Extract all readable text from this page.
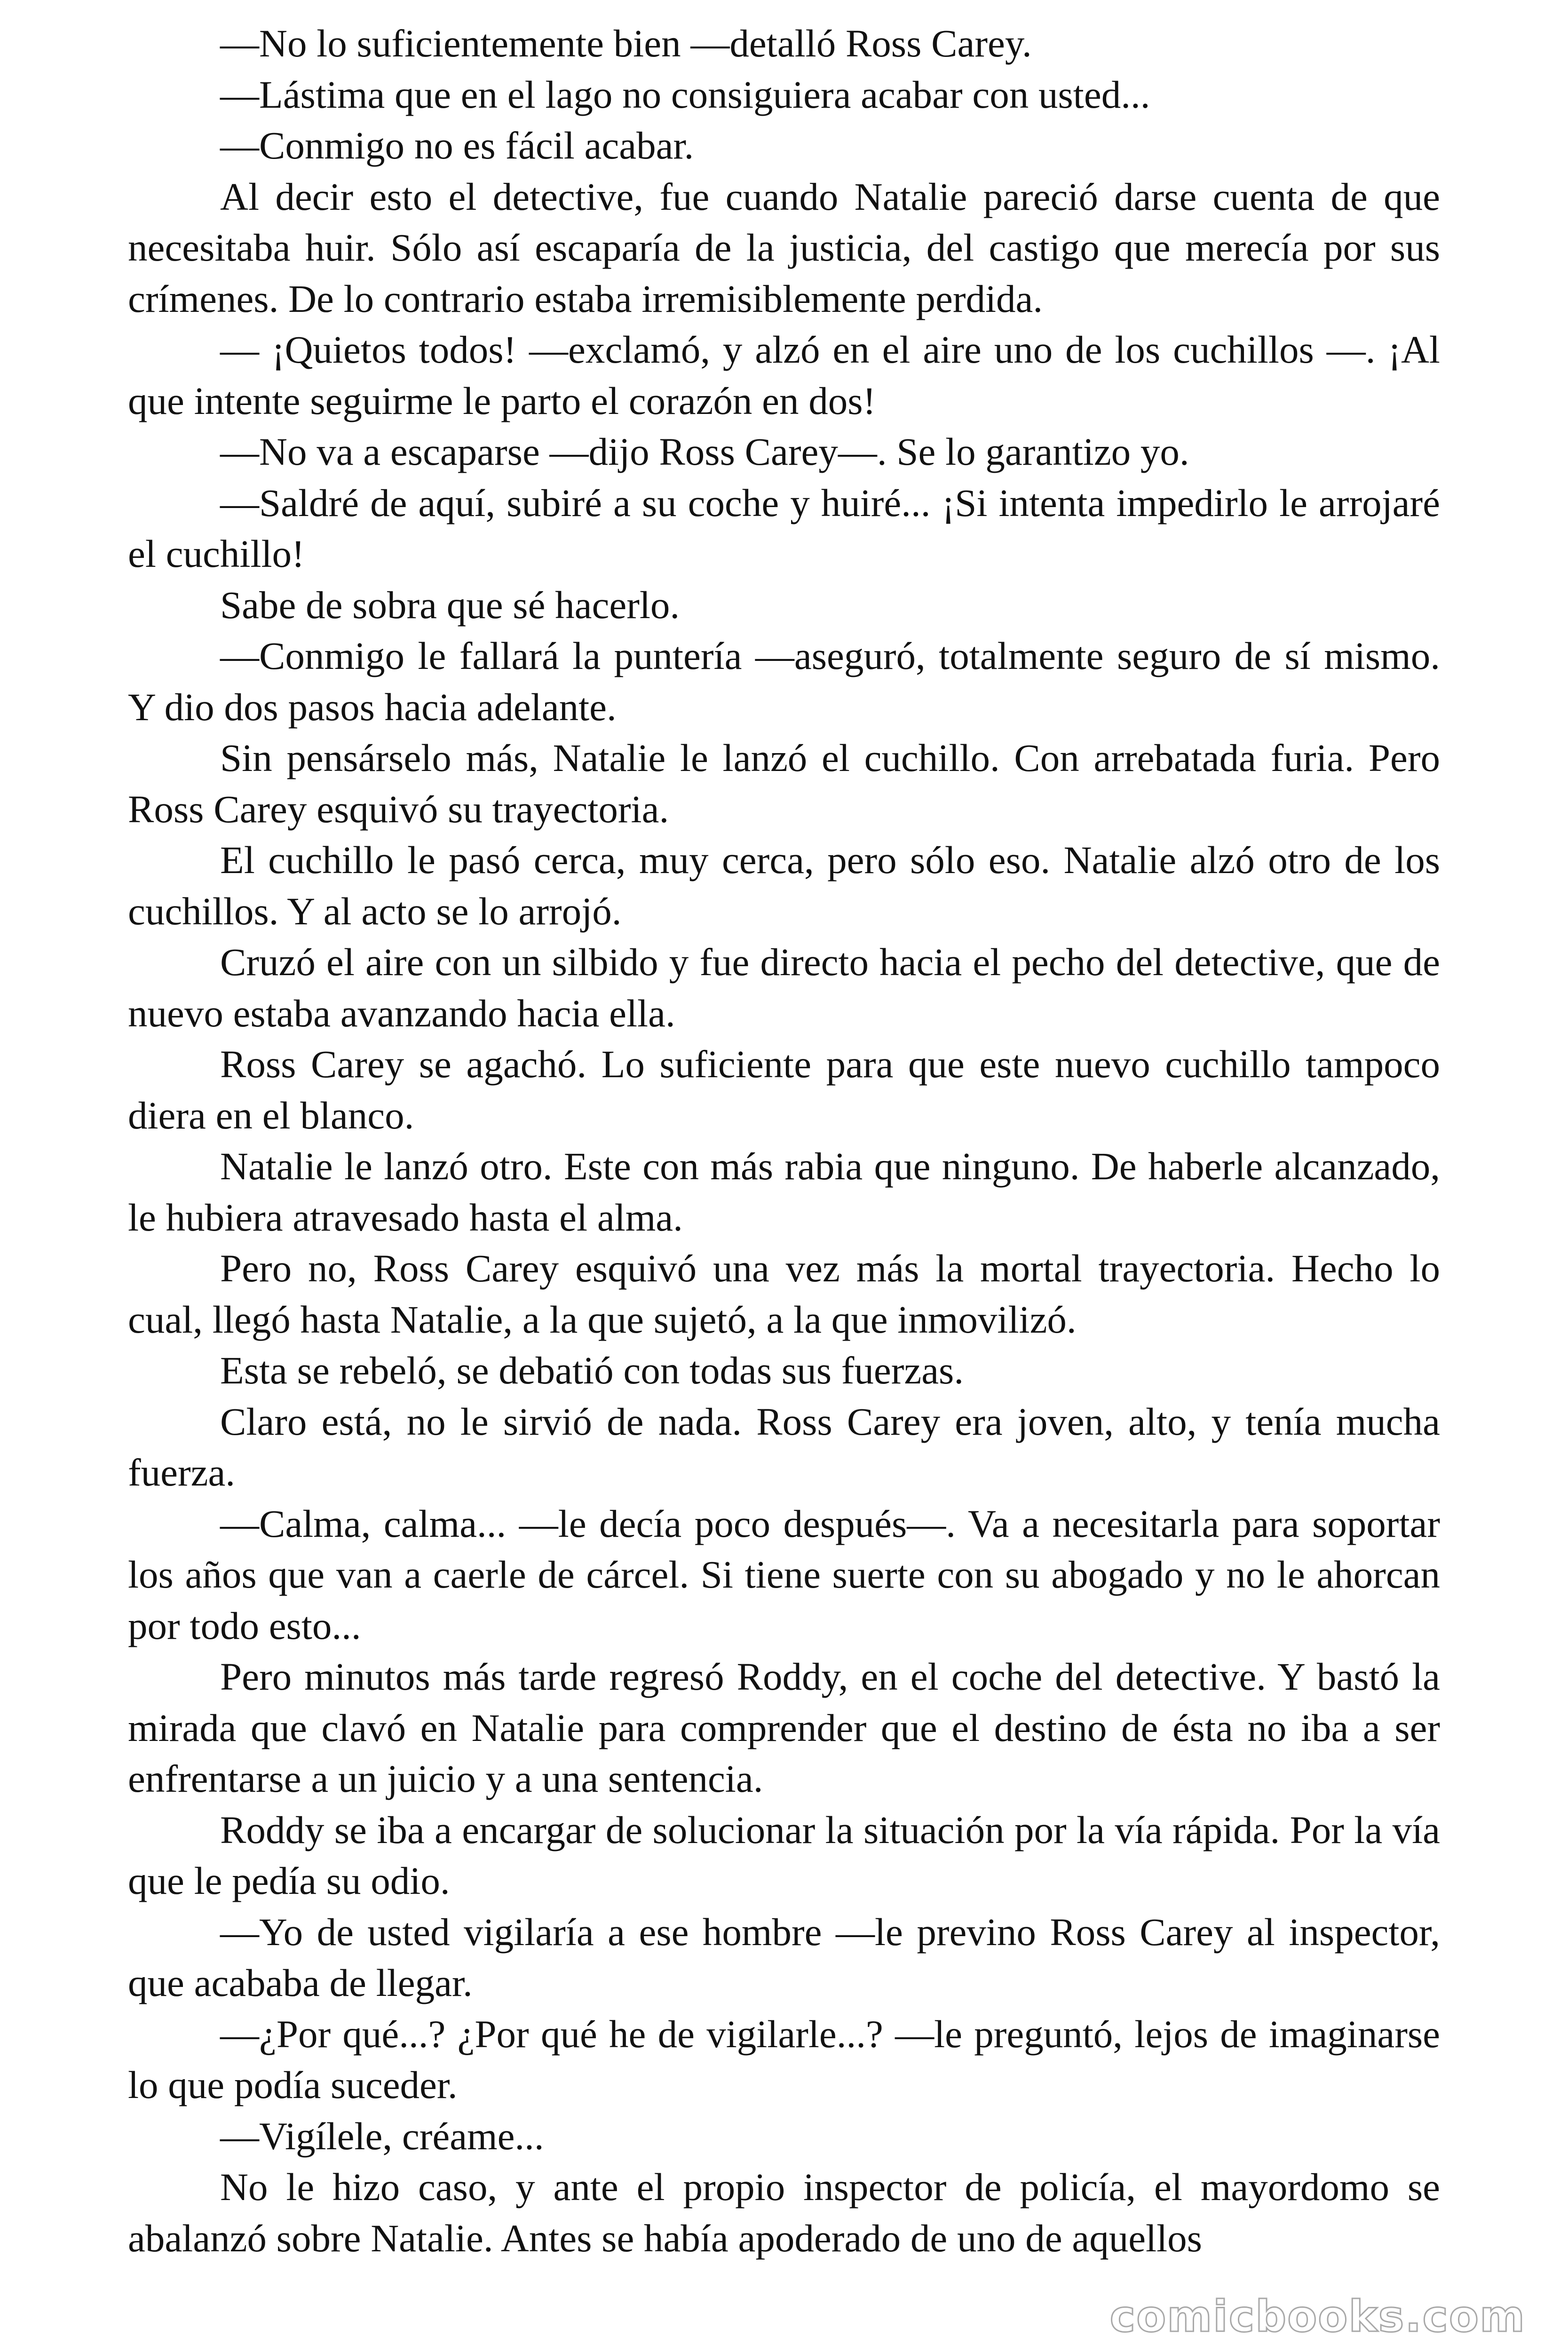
—No lo suficientemente bien —detalló Ross Carey.

—Lástima que en el lago no consiguiera acabar con usted...

—Conmigo no es fácil acabar.

Al decir esto el detective, fue cuando Natalie pareció darse cuenta de que necesitaba huir. Sólo así escaparía de la justicia, del castigo que merecía por sus crímenes. De lo contrario estaba irremisiblemente perdida.

— ¡Quietos todos! —exclamó, y alzó en el aire uno de los cuchillos —. ¡Al que intente seguirme le parto el corazón en dos!

—No va a escaparse —dijo Ross Carey—. Se lo garantizo yo.

—Saldré de aquí, subiré a su coche y huiré... ¡Si intenta impedirlo le arrojaré el cuchillo!

Sabe de sobra que sé hacerlo.

—Conmigo le fallará la puntería —aseguró, totalmente seguro de sí mismo. Y dio dos pasos hacia adelante.

Sin pensárselo más, Natalie le lanzó el cuchillo. Con arrebatada furia. Pero Ross Carey esquivó su trayectoria.

El cuchillo le pasó cerca, muy cerca, pero sólo eso. Natalie alzó otro de los cuchillos. Y al acto se lo arrojó.

Cruzó el aire con un silbido y fue directo hacia el pecho del detective, que de nuevo estaba avanzando hacia ella.

Ross Carey se agachó. Lo suficiente para que este nuevo cuchillo tampoco diera en el blanco.

Natalie le lanzó otro. Este con más rabia que ninguno. De haberle alcanzado, le hubiera atravesado hasta el alma.

Pero no, Ross Carey esquivó una vez más la mortal trayectoria. Hecho lo cual, llegó hasta Natalie, a la que sujetó, a la que inmovilizó.

Esta se rebeló, se debatió con todas sus fuerzas.

Claro está, no le sirvió de nada. Ross Carey era joven, alto, y tenía mucha fuerza.

—Calma, calma... —le decía poco después—. Va a necesitarla para soportar los años que van a caerle de cárcel. Si tiene suerte con su abogado y no le ahorcan por todo esto...

Pero minutos más tarde regresó Roddy, en el coche del detective. Y bastó la mirada que clavó en Natalie para comprender que el destino de ésta no iba a ser enfrentarse a un juicio y a una sentencia.

Roddy se iba a encargar de solucionar la situación por la vía rápida. Por la vía que le pedía su odio.

—Yo de usted vigilaría a ese hombre —le previno Ross Carey al inspector, que acababa de llegar.

—¿Por qué...? ¿Por qué he de vigilarle...? —le preguntó, lejos de imaginarse lo que podía suceder.

—Vigílele, créame...

No le hizo caso, y ante el propio inspector de policía, el mayordomo se abalanzó sobre Natalie. Antes se había apoderado de uno de aquellos

comicbooks.com
